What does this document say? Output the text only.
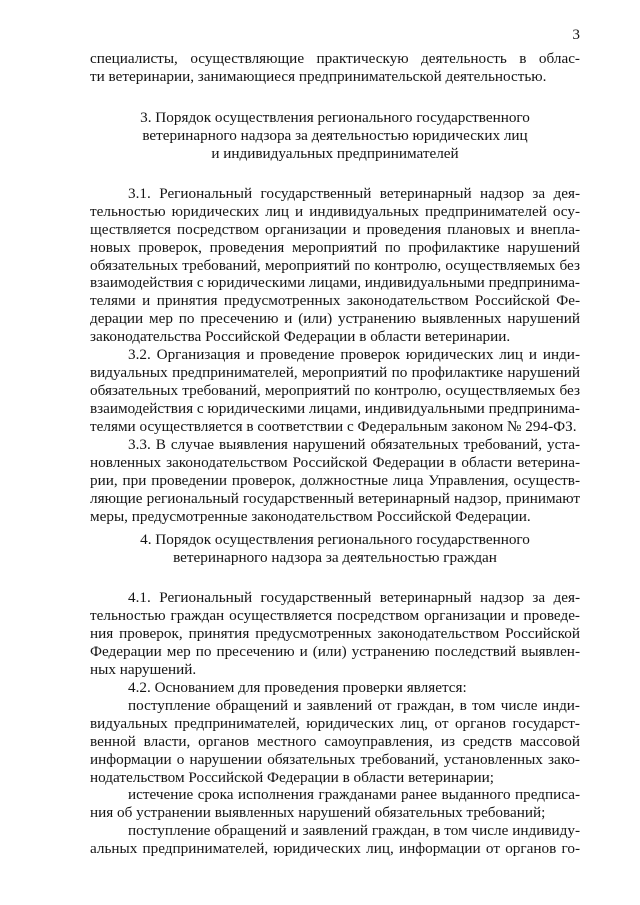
3
специалисты, осуществляющие практическую деятельность в облас-
ти ветеринарии, занимающиеся предпринимательской деятельностью.
3. Порядок осуществления регионального государственного
ветеринарного надзора за деятельностью юридических лиц
и индивидуальных предпринимателей
3.1. Региональный государственный ветеринарный надзор за дея-
тельностью юридических лиц и индивидуальных предпринимателей осу-
ществляется посредством организации и проведения плановых и внепла-
новых проверок, проведения мероприятий по профилактике нарушений
обязательных требований, мероприятий по контролю, осуществляемых без
взаимодействия с юридическими лицами, индивидуальными предпринима-
телями и принятия предусмотренных законодательством Российской Фе-
дерации мер по пресечению и (или) устранению выявленных нарушений
законодательства Российской Федерации в области ветеринарии.
3.2. Организация и проведение проверок юридических лиц и инди-
видуальных предпринимателей, мероприятий по профилактике нарушений
обязательных требований, мероприятий по контролю, осуществляемых без
взаимодействия с юридическими лицами, индивидуальными предпринима-
телями осуществляется в соответствии с Федеральным законом № 294-ФЗ.
3.3. В случае выявления нарушений обязательных требований, уста-
новленных законодательством Российской Федерации в области ветерина-
рии, при проведении проверок, должностные лица Управления, осуществ-
ляющие региональный государственный ветеринарный надзор, принимают
меры, предусмотренные законодательством Российской Федерации.
4. Порядок осуществления регионального государственного
ветеринарного надзора за деятельностью граждан
4.1. Региональный государственный ветеринарный надзор за дея-
тельностью граждан осуществляется посредством организации и проведе-
ния проверок, принятия предусмотренных законодательством Российской
Федерации мер по пресечению и (или) устранению последствий выявлен-
ных нарушений.
4.2. Основанием для проведения проверки является:
поступление обращений и заявлений от граждан, в том числе инди-
видуальных предпринимателей, юридических лиц, от органов государст-
венной власти, органов местного самоуправления, из средств массовой
информации о нарушении обязательных требований, установленных зако-
нодательством Российской Федерации в области ветеринарии;
истечение срока исполнения гражданами ранее выданного предписа-
ния об устранении выявленных нарушений обязательных требований;
поступление обращений и заявлений граждан, в том числе индивиду-
альных предпринимателей, юридических лиц, информации от органов го-
